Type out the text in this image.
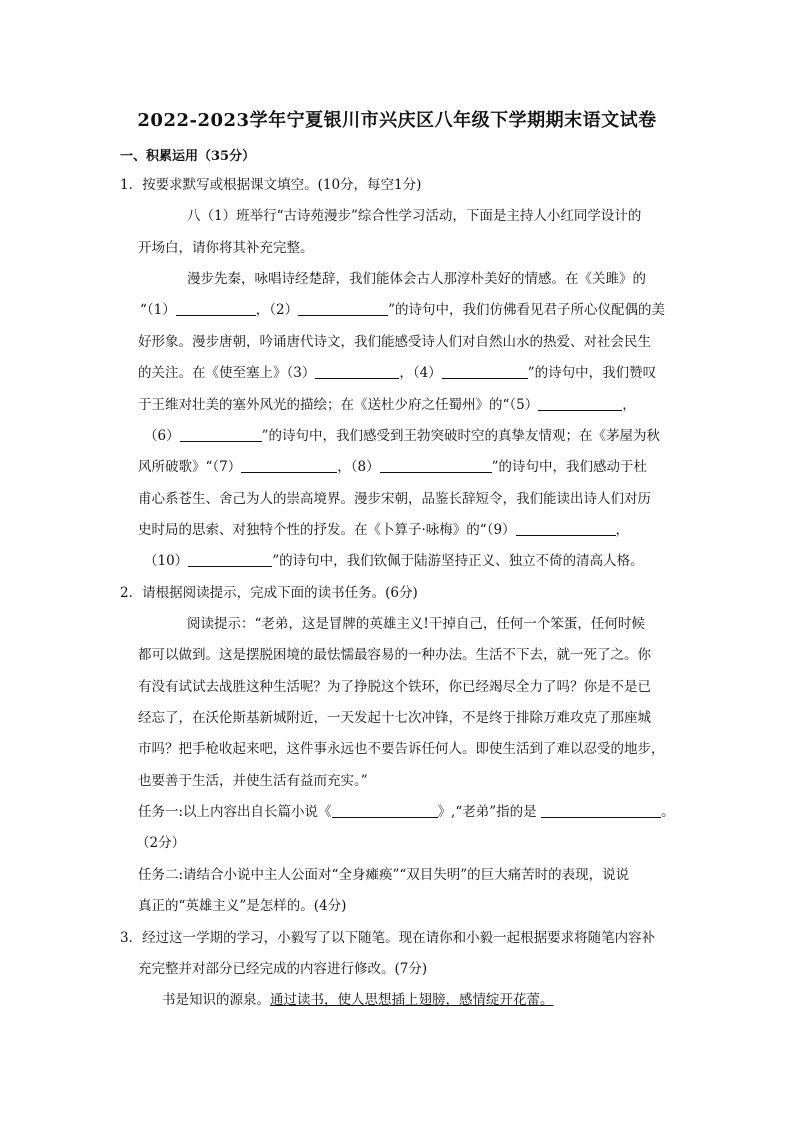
2022-2023学年宁夏银川市兴庆区八年级下学期期末语文试卷
一、积累运用（35分）
1．按要求默写或根据课文填空。(10分，每空1分)
八（1）班举行“古诗苑漫步”综合性学习活动，下面是主持人小红同学设计的
开场白，请你将其补充完整。
漫步先秦，咏唱诗经楚辞，我们能体会古人那淳朴美好的情感。在《关雎》的
“（1）	，（2）	”的诗句中，我们仿佛看见君子所心仪配偶的美
好形象。漫步唐朝，吟诵唐代诗文，我们能感受诗人们对自然山水的热爱、对社会民生
的关注。在《使至塞上》（3）	，（4）	”的诗句中，我们赞叹
于王维对壮美的塞外风光的描绘；在《送杜少府之任蜀州》的“（5）	，
（6）	”的诗句中，我们感受到王勃突破时空的真挚友情观；在《茅屋为秋
风所破歌》“（7）	，（8）	”的诗句中，我们感动于杜
甫心系苍生、舍己为人的崇高境界。漫步宋朝，品鉴长辞短令，我们能读出诗人们对历
史时局的思索、对独特个性的抒发。在《卜算子·咏梅》的“（9）	，
（10）	”的诗句中，我们钦佩于陆游坚持正义、独立不倚的清高人格。
2．请根据阅读提示，完成下面的读书任务。(6分)
阅读提示：“老弟，这是冒牌的英雄主义!干掉自己，任何一个笨蛋，任何时候
都可以做到。这是摆脱困境的最怯懦最容易的一种办法。生活不下去，就一死了之。你
有没有试试去战胜这种生活呢？为了挣脱这个铁环，你已经竭尽全力了吗？你是不是已
经忘了，在沃伦斯基新城附近，一天发起十七次冲锋，不是终于排除万难攻克了那座城
市吗？把手枪收起来吧，这件事永远也不要告诉任何人。即使生活到了难以忍受的地步，
也要善于生活，并使生活有益而充实。”
任务一:以上内容出自长篇小说《	》,“老弟”指的是	。
（2分）
任务二:请结合小说中主人公面对“全身瘫痪”“双目失明”的巨大痛苦时的表现，说说
真正的“英雄主义”是怎样的。(4分)
3．经过这一学期的学习，小毅写了以下随笔。现在请你和小毅一起根据要求将随笔内容补
充完整并对部分已经完成的内容进行修改。(7分)
书是知识的源泉。通过读书，使人思想插上翅膀，感情绽开花蕾。
